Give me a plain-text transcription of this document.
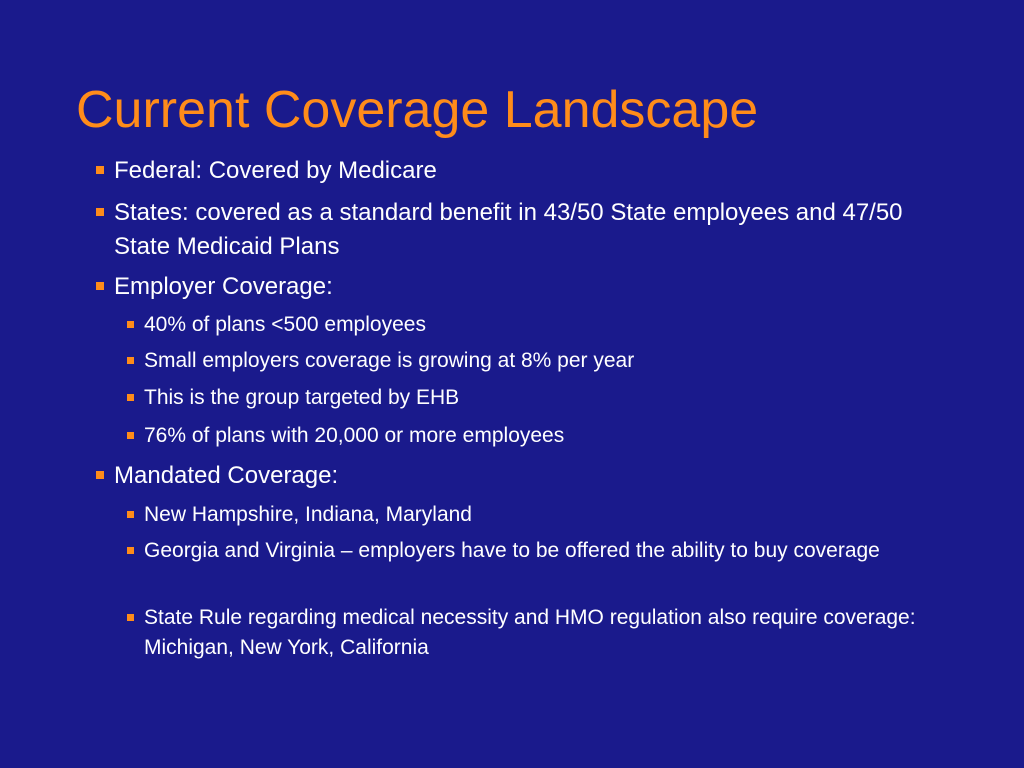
Current Coverage Landscape
Federal: Covered by Medicare
States: covered as a standard benefit in 43/50 State employees and 47/50 State Medicaid Plans
Employer Coverage:
40% of plans <500 employees
Small employers coverage is growing at 8% per year
This is the group targeted by EHB
76% of plans with 20,000 or more employees
Mandated Coverage:
New Hampshire, Indiana, Maryland
Georgia and Virginia – employers have to be offered the ability to buy coverage
State Rule regarding medical necessity and HMO regulation also require coverage: Michigan, New York, California
